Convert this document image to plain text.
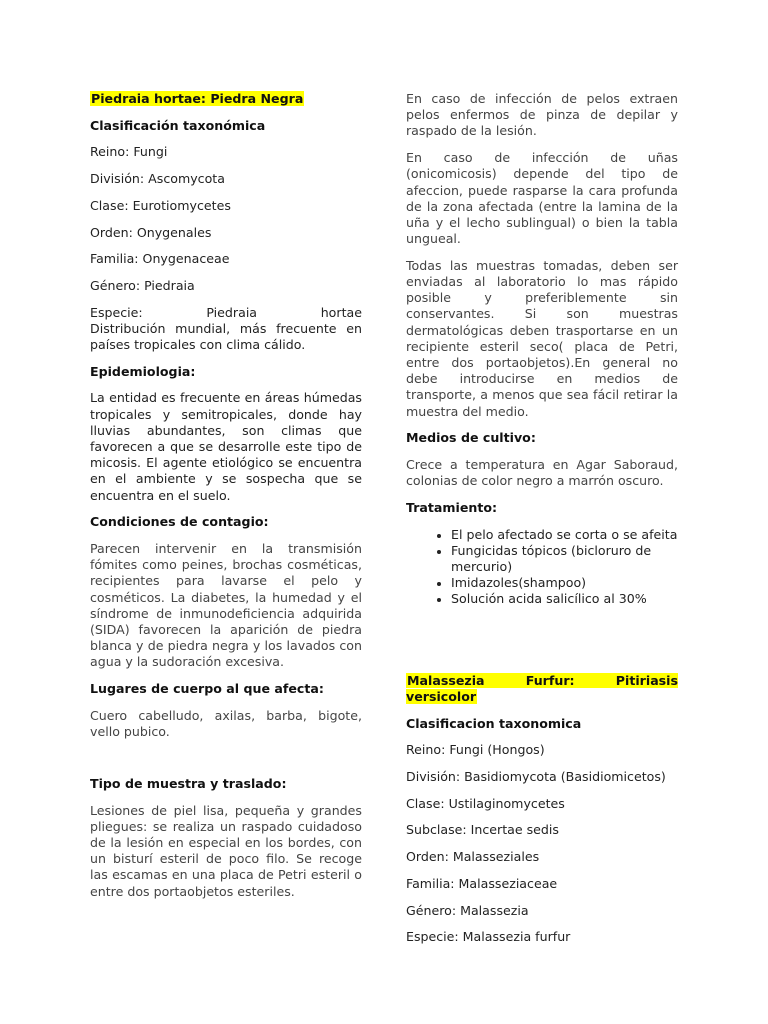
Piedraia hortae: Piedra Negra

Clasificación taxonómica

Reino: Fungi

División: Ascomycota

Clase: Eurotiomycetes

Orden: Onygenales

Familia: Onygenaceae

Género: Piedraia

Especie:	Piedraia	hortae
Distribución mundial, más frecuente en países tropicales con clima cálido.

Epidemiologia:

La entidad es frecuente en áreas húmedas tropicales y semitropicales, donde hay lluvias abundantes, son climas que favorecen a que se desarrolle este tipo de micosis. El agente etiológico se encuentra en el ambiente y se sospecha que se encuentra en el suelo.

Condiciones de contagio:

Parecen intervenir en la transmisión fómites como peines, brochas cosméticas, recipientes para lavarse el pelo y cosméticos. La diabetes, la humedad y el síndrome de inmunodeficiencia adquirida (SIDA) favorecen la aparición de piedra blanca y de piedra negra y los lavados con agua y la sudoración excesiva.

Lugares de cuerpo al que afecta:

Cuero cabelludo, axilas, barba, bigote, vello pubico.

Tipo de muestra y traslado:

Lesiones de piel lisa, pequeña y grandes pliegues: se realiza un raspado cuidadoso de la lesión en especial en los bordes, con un bisturí esteril de poco filo. Se recoge las escamas en una placa de Petri esteril o entre dos portaobjetos esteriles.

En caso de infección de pelos extraen pelos enfermos de pinza de depilar y raspado de la lesión.

En caso de infección de uñas (onicomicosis) depende del tipo de afeccion, puede rasparse la cara profunda de la zona afectada (entre la lamina de la uña y el lecho sublingual) o bien la tabla ungueal.

Todas las muestras tomadas, deben ser enviadas al laboratorio lo mas rápido posible y preferiblemente sin conservantes. Si son muestras dermatológicas deben trasportarse en un recipiente esteril seco( placa de Petri, entre dos portaobjetos).En general no debe introducirse en medios de transporte, a menos que sea fácil retirar la muestra del medio.

Medios de cultivo:

Crece a temperatura en Agar Saboraud, colonias de color negro a marrón oscuro.

Tratamiento:

• El pelo afectado se corta o se afeita
• Fungicidas tópicos (bicloruro de mercurio)
• Imidazoles(shampoo)
• Solución acida salicílico al 30%

Malassezia Furfur: Pitiriasis versicolor

Clasificacion taxonomica

Reino: Fungi (Hongos)

División: Basidiomycota (Basidiomicetos)

Clase: Ustilaginomycetes

Subclase: Incertae sedis

Orden: Malasseziales

Familia: Malasseziaceae

Género: Malassezia

Especie: Malassezia furfur
